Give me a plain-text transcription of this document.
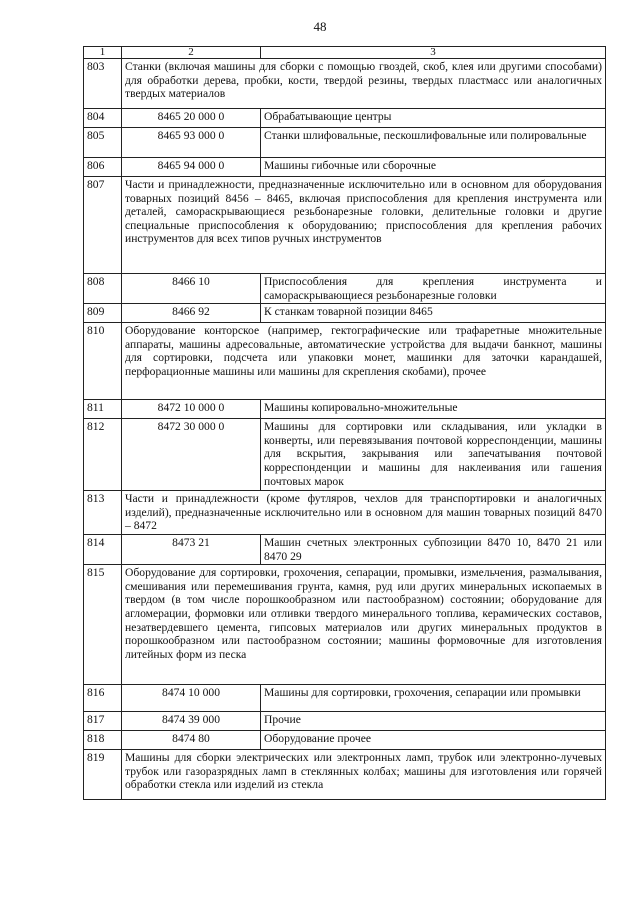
48
1	2	3
803	Станки (включая машины для сборки с помощью гвоздей, скоб, клея или другими способами) для обработки дерева, пробки, кости, твердой резины, твердых пластмасс или аналогичных твердых материалов	
804	8465 20 000 0	Обрабатывающие центры
805	8465 93 000 0	Станки шлифовальные, пескошлифовальные или полировальные
806	8465 94 000 0	Машины гибочные или сборочные
807	Части и принадлежности, предназначенные исключительно или в основном для оборудования товарных позиций 8456 – 8465, включая приспособления для крепления инструмента или деталей, самораскрывающиеся резьбонарезные головки, делительные головки и другие специальные приспособления к оборудованию; приспособления для крепления рабочих инструментов для всех типов ручных инструментов	
808	8466 10	Приспособления для крепления инструмента и самораскрывающиеся резьбонарезные головки
809	8466 92	К станкам товарной позиции 8465
810	Оборудование конторское (например, гектографические или трафаретные множительные аппараты, машины адресовальные, автоматические устройства для выдачи банкнот, машины для сортировки, подсчета или упаковки монет, машинки для заточки карандашей, перфорационные машины или машины для скрепления скобами), прочее	
811	8472 10 000 0	Машины копировально-множительные
812	8472 30 000 0	Машины для сортировки или складывания, или укладки в конверты, или перевязывания почтовой корреспонденции, машины для вскрытия, закрывания или запечатывания почтовой корреспонденции и машины для наклеивания или гашения почтовых марок
813	Части и принадлежности (кроме футляров, чехлов для транспортировки и аналогичных изделий), предназначенные исключительно или в основном для машин товарных позиций 8470 – 8472	
814	8473 21	Машин счетных электронных субпозиции 8470 10, 8470 21 или 8470 29
815	Оборудование для сортировки, грохочения, сепарации, промывки, измельчения, размалывания, смешивания или перемешивания грунта, камня, руд или других минеральных ископаемых в твердом (в том числе порошкообразном или пастообразном) состоянии; оборудование для агломерации, формовки или отливки твердого минерального топлива, керамических составов, незатвердевшего цемента, гипсовых материалов или других минеральных продуктов в порошкообразном или пастообразном состоянии; машины формовочные для изготовления литейных форм из песка	
816	8474 10 000	Машины для сортировки, грохочения, сепарации или промывки
817	8474 39 000	Прочие
818	8474 80	Оборудование прочее
819	Машины для сборки электрических или электронных ламп, трубок или электронно-лучевых трубок или газоразрядных ламп в стеклянных колбах; машины для изготовления или горячей обработки стекла или изделий из стекла	
